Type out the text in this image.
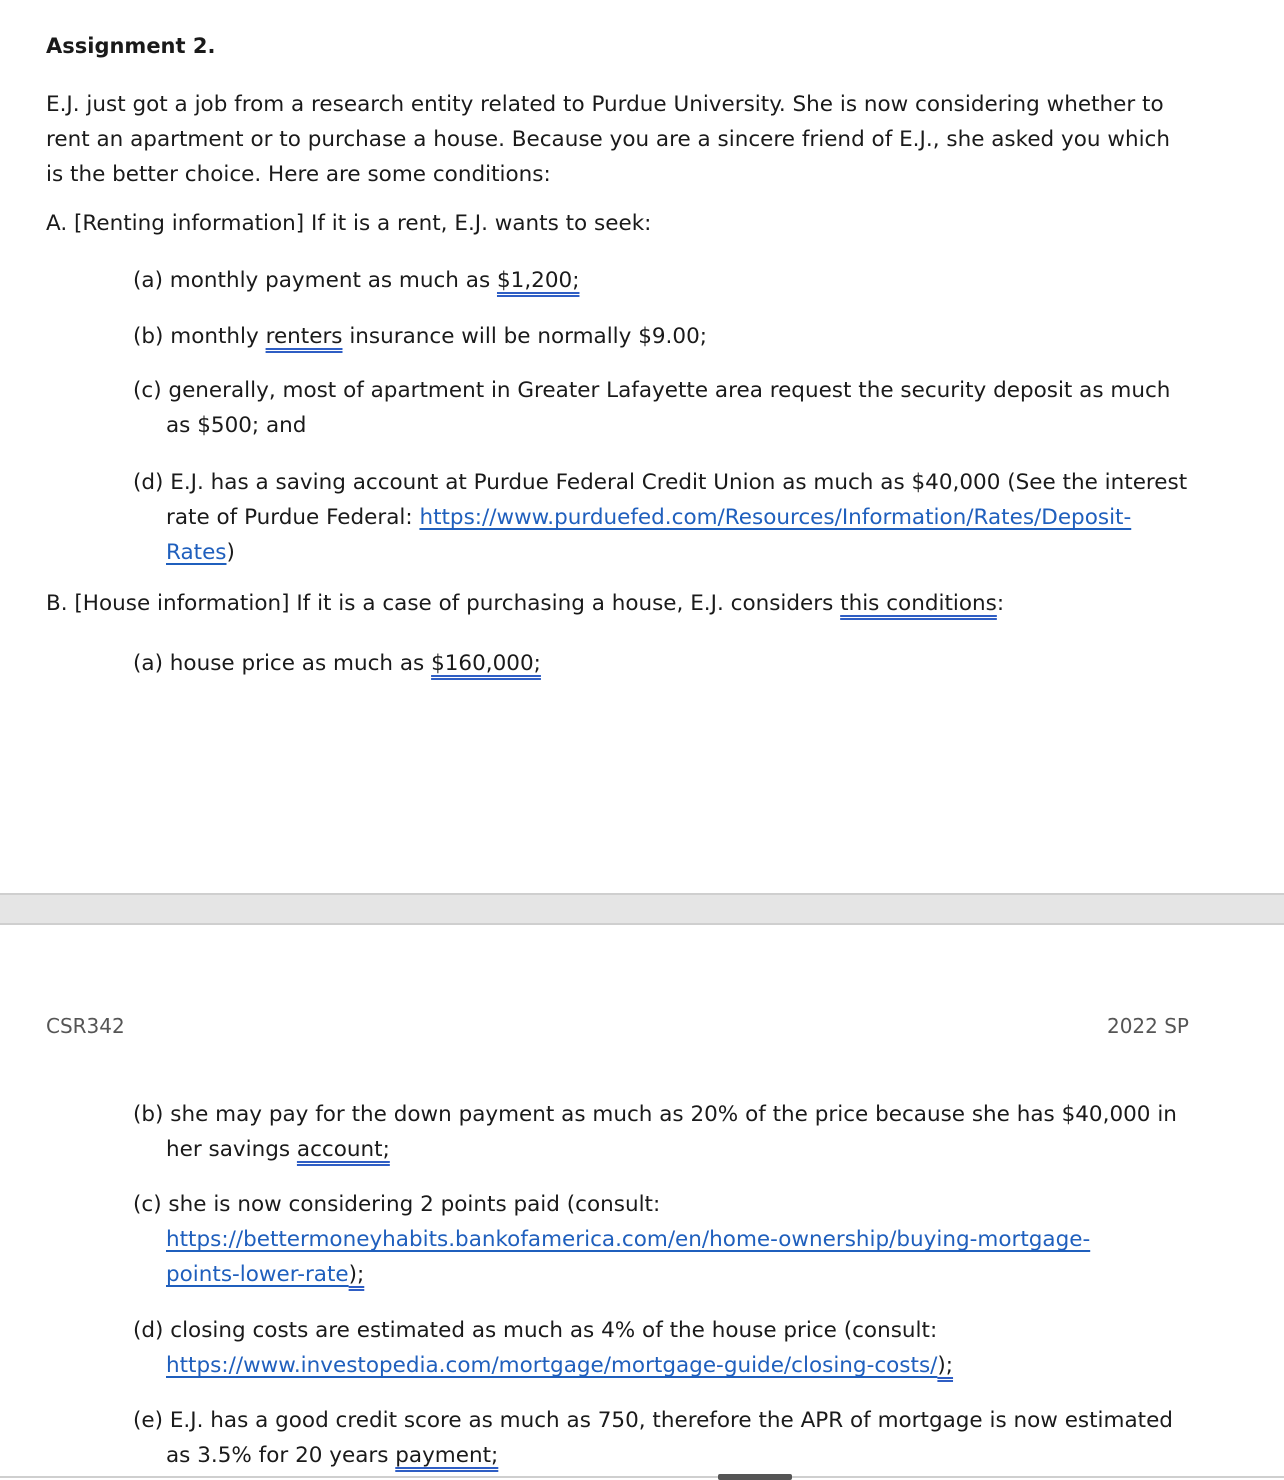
Assignment 2.
E.J. just got a job from a research entity related to Purdue University. She is now considering whether to
rent an apartment or to purchase a house. Because you are a sincere friend of E.J., she asked you which
is the better choice. Here are some conditions:
A. [Renting information] If it is a rent, E.J. wants to seek:
(a) monthly payment as much as $1,200;
(b) monthly renters insurance will be normally $9.00;
(c) generally, most of apartment in Greater Lafayette area request the security deposit as much
as $500; and
(d) E.J. has a saving account at Purdue Federal Credit Union as much as $40,000 (See the interest
rate of Purdue Federal: https://www.purduefed.com/Resources/Information/Rates/Deposit-
Rates)
B. [House information] If it is a case of purchasing a house, E.J. considers this conditions:
(a) house price as much as $160,000;
CSR342	2022 SP
(b) she may pay for the down payment as much as 20% of the price because she has $40,000 in
her savings account;
(c) she is now considering 2 points paid (consult:
https://bettermoneyhabits.bankofamerica.com/en/home-ownership/buying-mortgage-
points-lower-rate);
(d) closing costs are estimated as much as 4% of the house price (consult:
https://www.investopedia.com/mortgage/mortgage-guide/closing-costs/);
(e) E.J. has a good credit score as much as 750, therefore the APR of mortgage is now estimated
as 3.5% for 20 years payment;
